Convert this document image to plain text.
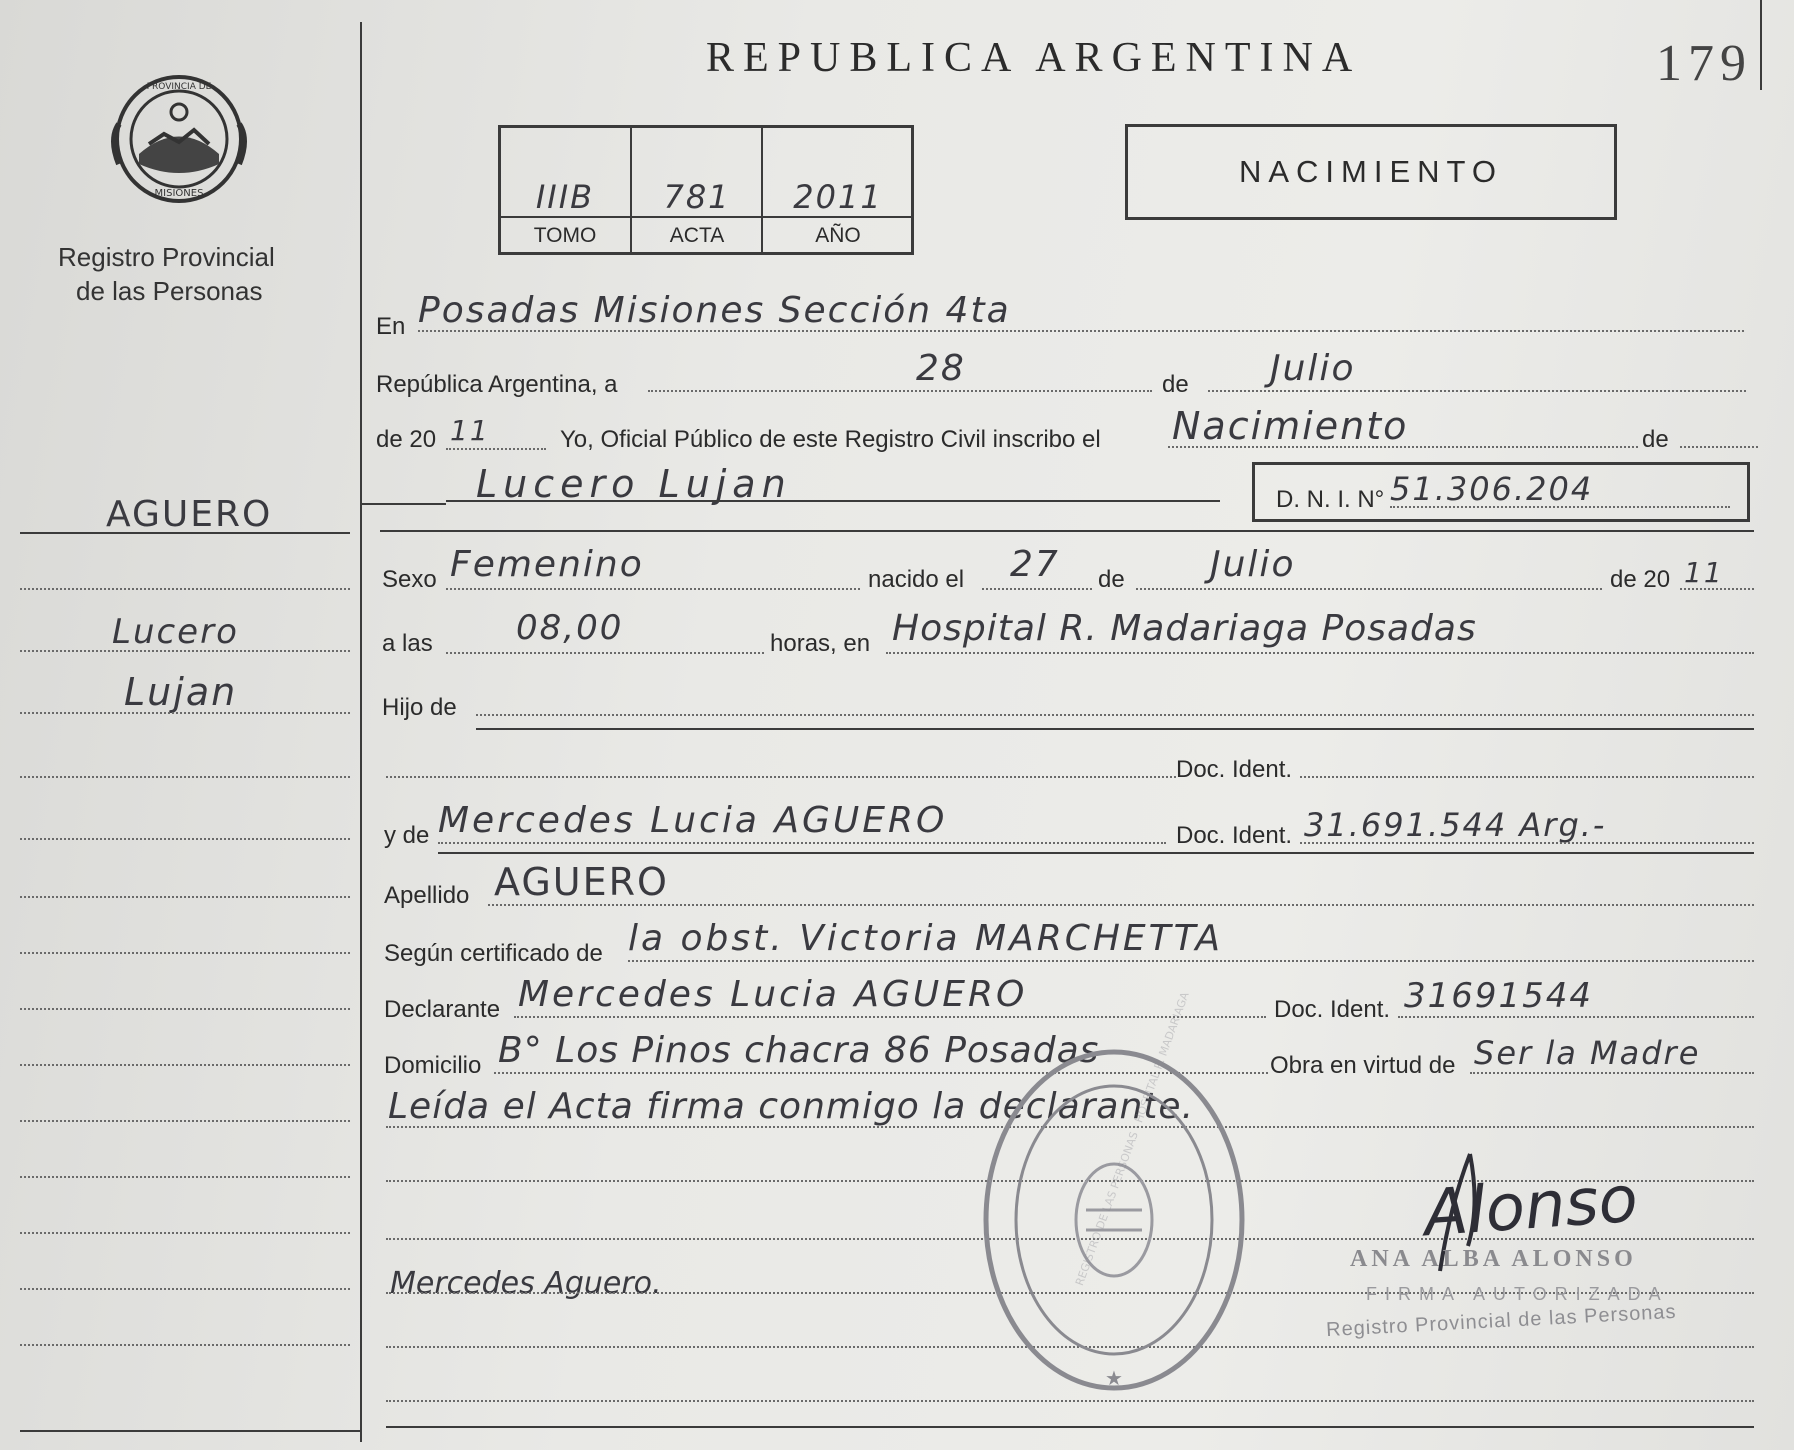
REPUBLICA ARGENTINA	179
PROVINCIA DE
MISIONES
Registro Provincial
de las Personas
IIIB	781	2011
TOMO	ACTA	AÑO
NACIMIENTO
AGUERO
Lucero
Lujan
En Posadas Misiones Sección 4ta
República Argentina, a	28	de Julio
de 20 11	Yo, Oficial Público de este Registro Civil inscribo el Nacimiento	de
Lucero Lujan	D. N. I. N° 51.306.204
Sexo Femenino	nacido el 27 de Julio	de 20 11
a las 08,00	horas, en Hospital R. Madariaga Posadas
Hijo de
Doc. Ident.
y de Mercedes Lucia AGUERO	Doc. Ident. 31.691.544 Arg.-
Apellido AGUERO
Según certificado de la obst. Victoria MARCHETTA
Declarante Mercedes Lucia AGUERO	Doc. Ident. 31691544
Domicilio B° Los Pinos chacra 86 Posadas	Obra en virtud de Ser la Madre
Leída el Acta firma conmigo la declarante.
Mercedes Aguero.
★
REGISTRO DE LAS PERSONAS · HOSPITAL R. MADARIAGA	Alonso
ANA ALBA ALONSO
FIRMA AUTORIZADA
Registro Provincial de las Personas
